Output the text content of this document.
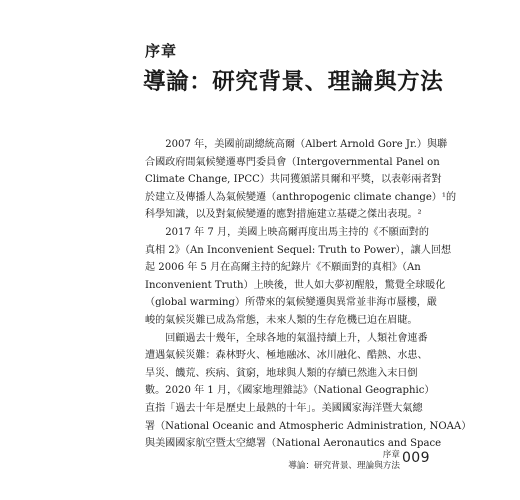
序章
導論：研究背景、理論與方法

2007 年，美國前副總統高爾（Albert Arnold Gore Jr.）與聯
合國政府間氣候變遷專門委員會（Intergovernmental Panel on
Climate Change, IPCC）共同獲頒諾貝爾和平獎，以表彰兩者對
於建立及傳播人為氣候變遷（anthropogenic climate change）¹的
科學知識，以及對氣候變遷的應對措施建立基礎之傑出表現。²

2017 年 7 月，美國上映高爾再度出馬主持的《不願面對的
真相 2》（An Inconvenient Sequel: Truth to Power），讓人回想
起 2006 年 5 月在高爾主持的紀錄片《不願面對的真相》（An
Inconvenient Truth）上映後，世人如大夢初醒般，驚覺全球暖化
（global warming）所帶來的氣候變遷與異常並非海市蜃樓，嚴
峻的氣候災難已成為常態，未來人類的生存危機已迫在眉睫。

回顧過去十幾年，全球各地的氣溫持續上升，人類社會連番
遭遇氣候災難：森林野火、極地融冰、冰川融化、酷熱、水患、
旱災、饑荒、疾病、貧窮，地球與人類的存續已然進入末日倒
數。2020 年 1 月，《國家地理雜誌》（National Geographic）
直指「過去十年是歷史上最熱的十年」。美國國家海洋暨大氣總
署（National Oceanic and Atmospheric Administration, NOAA）
與美國國家航空暨太空總署（National Aeronautics and Space

序章
導論：研究背景、理論與方法 009
